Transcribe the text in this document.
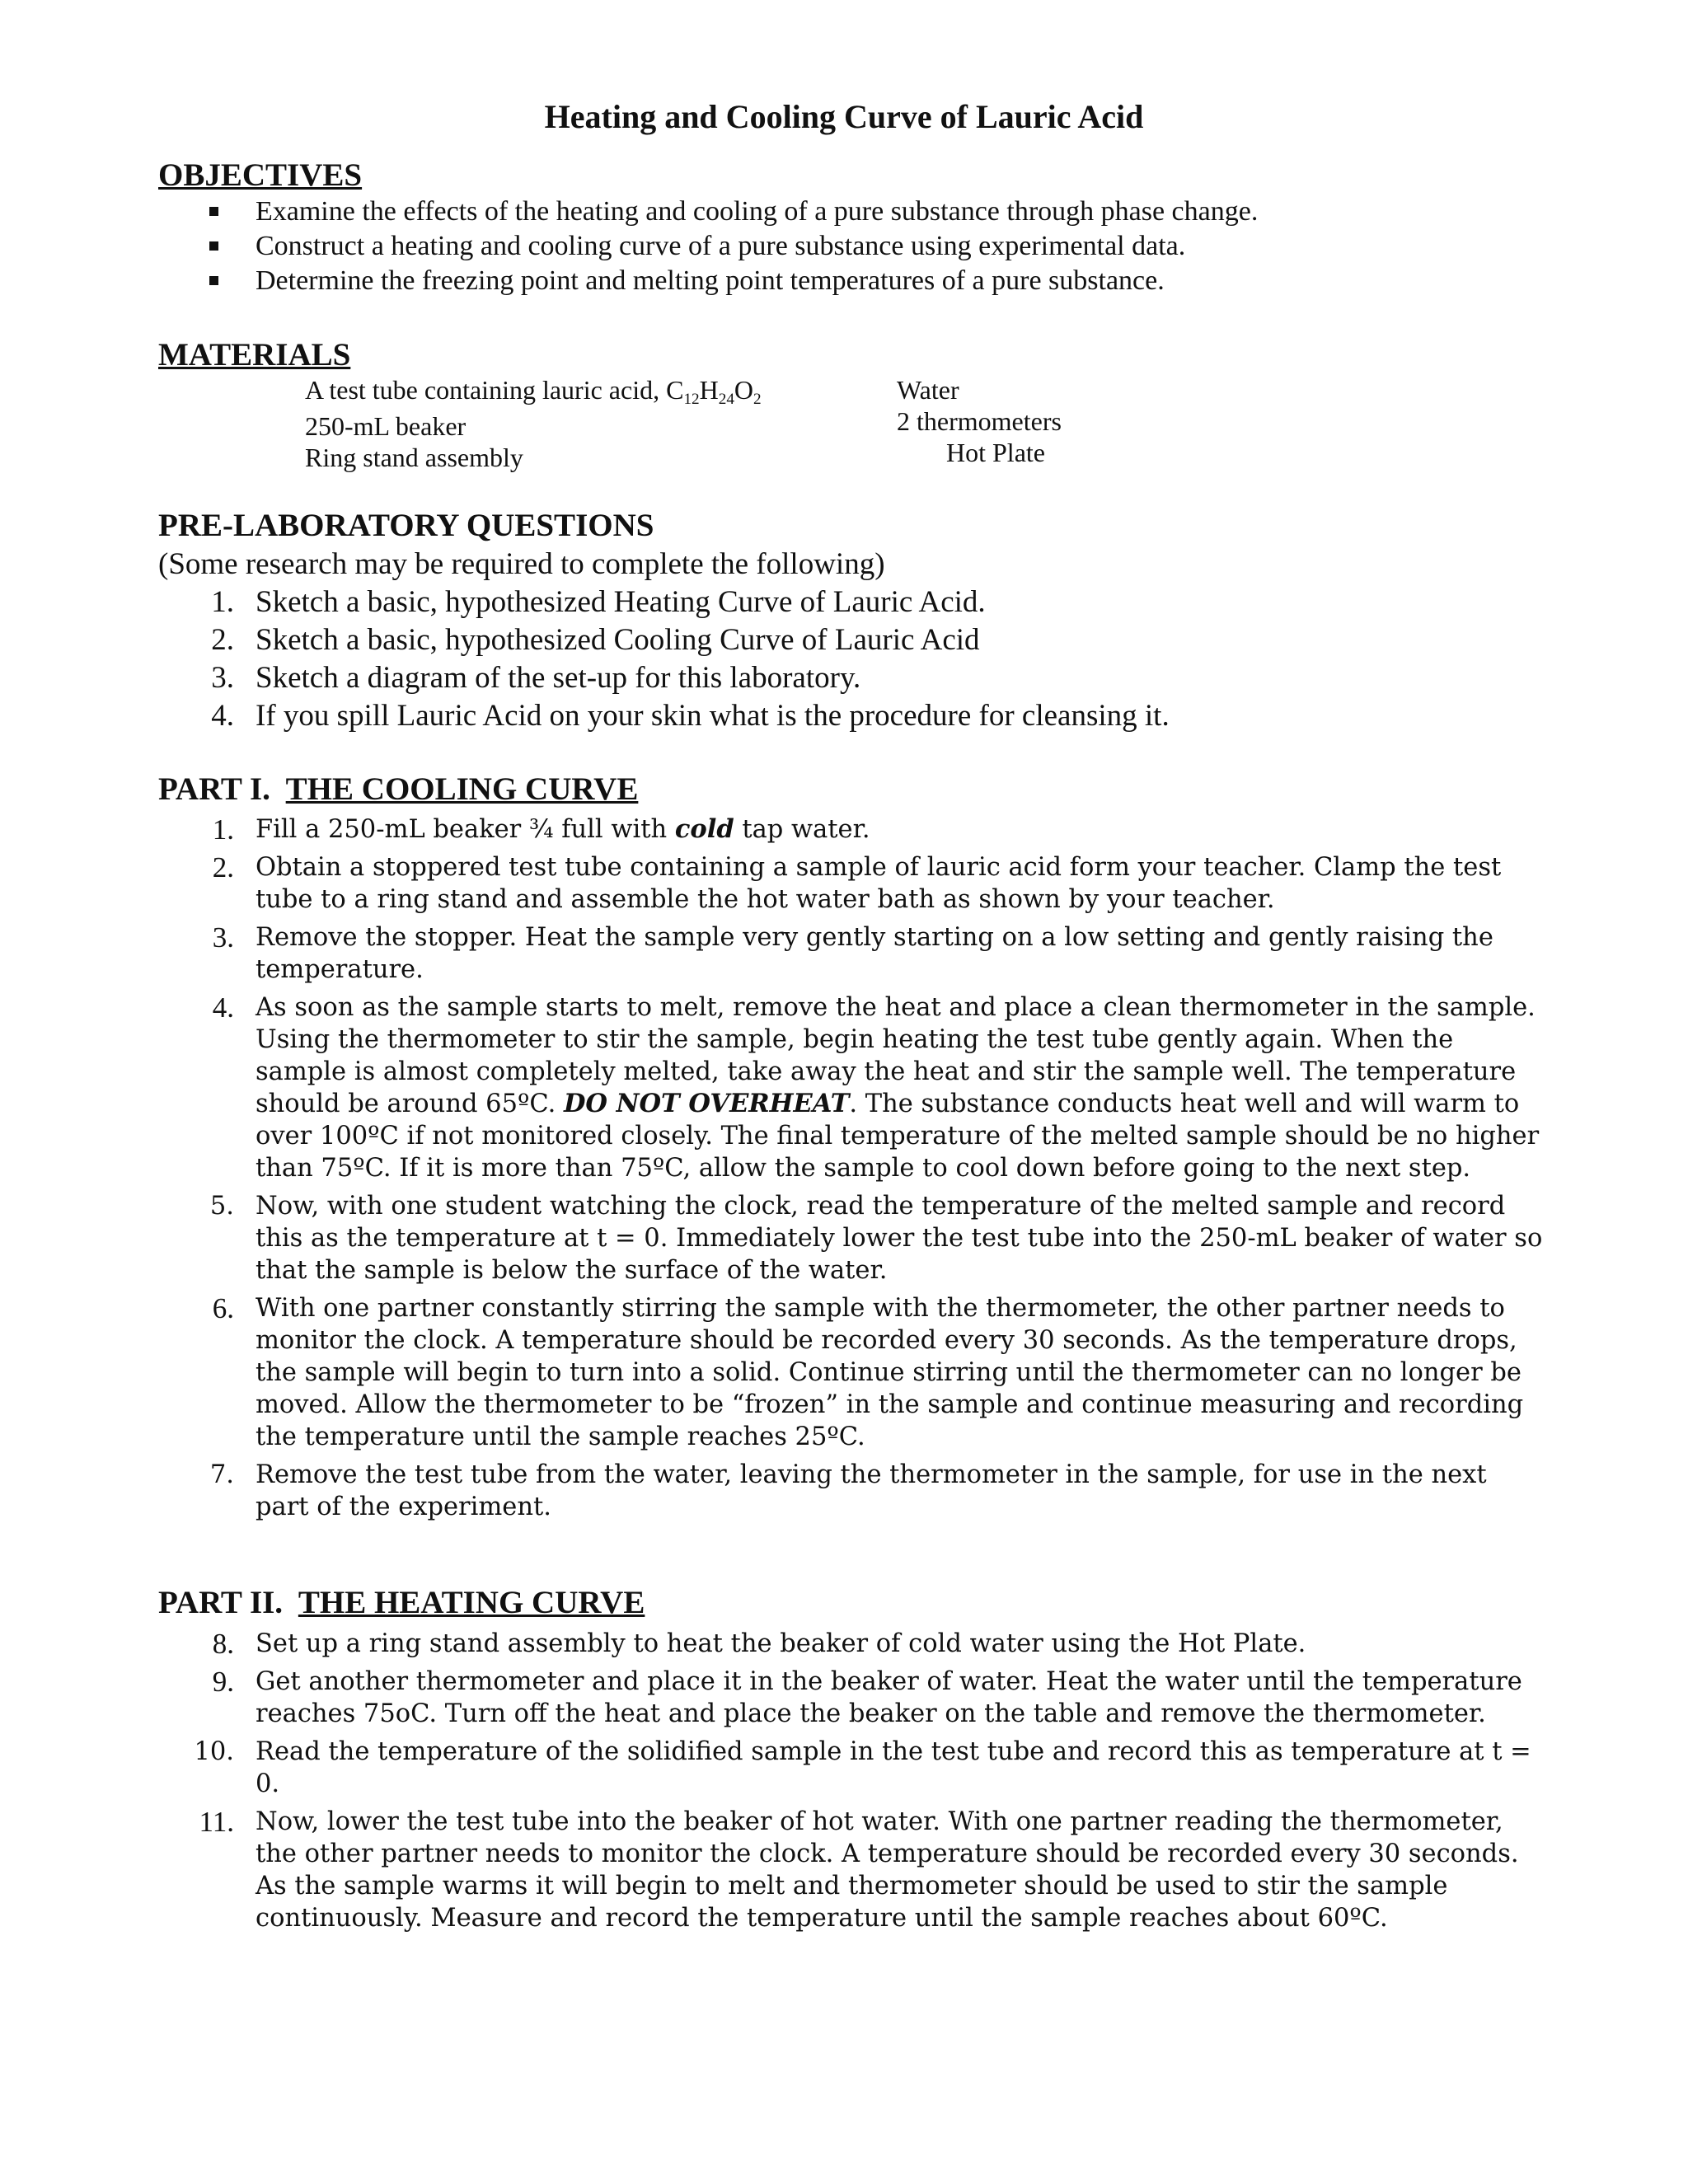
Heating and Cooling Curve of Lauric Acid
OBJECTIVES
Examine the effects of the heating and cooling of a pure substance through phase change.
Construct a heating and cooling curve of a pure substance using experimental data.
Determine the freezing point and melting point temperatures of a pure substance.
MATERIALS
A test tube containing lauric acid, $C_{12}H_{24}O_2$
250-mL beaker
Ring stand assembly
Water
2 thermometers
Hot Plate
PRE-LABORATORY QUESTIONS
(Some research may be required to complete the following)
1. Sketch a basic, hypothesized Heating Curve of Lauric Acid.
2. Sketch a basic, hypothesized Cooling Curve of Lauric Acid
3. Sketch a diagram of the set-up for this laboratory.
4. If you spill Lauric Acid on your skin what is the procedure for cleansing it.
PART I. THE COOLING CURVE
1. Fill a 250-mL beaker ¾ full with cold tap water.
2. Obtain a stoppered test tube containing a sample of lauric acid form your teacher. Clamp the test tube to a ring stand and assemble the hot water bath as shown by your teacher.
3. Remove the stopper. Heat the sample very gently starting on a low setting and gently raising the temperature.
4. As soon as the sample starts to melt, remove the heat and place a clean thermometer in the sample. Using the thermometer to stir the sample, begin heating the test tube gently again. When the sample is almost completely melted, take away the heat and stir the sample well. The temperature should be around 65ºC. DO NOT OVERHEAT. The substance conducts heat well and will warm to over 100ºC if not monitored closely. The final temperature of the melted sample should be no higher than 75ºC. If it is more than 75ºC, allow the sample to cool down before going to the next step.
5. Now, with one student watching the clock, read the temperature of the melted sample and record this as the temperature at t = 0. Immediately lower the test tube into the 250-mL beaker of water so that the sample is below the surface of the water.
6. With one partner constantly stirring the sample with the thermometer, the other partner needs to monitor the clock. A temperature should be recorded every 30 seconds. As the temperature drops, the sample will begin to turn into a solid. Continue stirring until the thermometer can no longer be moved. Allow the thermometer to be “frozen” in the sample and continue measuring and recording the temperature until the sample reaches 25ºC.
7. Remove the test tube from the water, leaving the thermometer in the sample, for use in the next part of the experiment.
PART II. THE HEATING CURVE
8. Set up a ring stand assembly to heat the beaker of cold water using the Hot Plate.
9. Get another thermometer and place it in the beaker of water. Heat the water until the temperature reaches 75oC. Turn off the heat and place the beaker on the table and remove the thermometer.
10. Read the temperature of the solidified sample in the test tube and record this as temperature at t = 0.
11. Now, lower the test tube into the beaker of hot water. With one partner reading the thermometer, the other partner needs to monitor the clock. A temperature should be recorded every 30 seconds. As the sample warms it will begin to melt and thermometer should be used to stir the sample continuously. Measure and record the temperature until the sample reaches about 60ºC.
